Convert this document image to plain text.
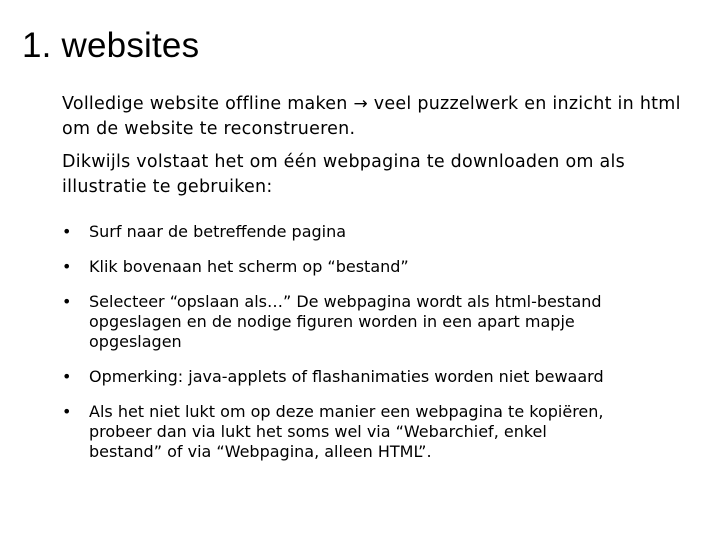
1. websites

Volledige website offline maken → veel puzzelwerk en inzicht in html om de website te reconstrueren.

Dikwijls volstaat het om één webpagina te downloaden om als illustratie te gebruiken:

• Surf naar de betreffende pagina
• Klik bovenaan het scherm op “bestand”
• Selecteer “opslaan als…” De webpagina wordt als html-bestand opgeslagen en de nodige figuren worden in een apart mapje opgeslagen
• Opmerking: java-applets of flashanimaties worden niet bewaard
• Als het niet lukt om op deze manier een webpagina te kopiëren, probeer dan via lukt het soms wel via “Webarchief, enkel bestand” of via “Webpagina, alleen HTML”.
